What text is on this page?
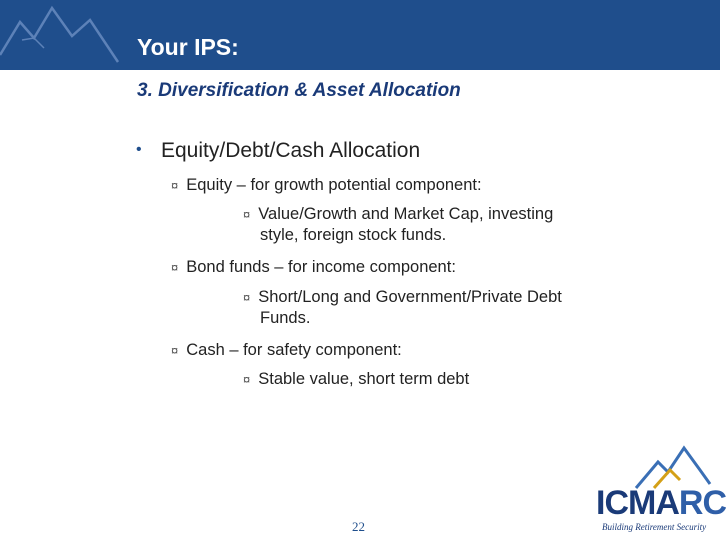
Your IPS:
3. Diversification & Asset Allocation
• Equity/Debt/Cash Allocation
¤ Equity – for growth potential component:
¤ Value/Growth and Market Cap, investing
style, foreign stock funds.
¤ Bond funds – for income component:
¤ Short/Long and Government/Private Debt
Funds.
¤ Cash – for safety component:
¤ Stable value, short term debt
22
ICMARC
Building Retirement Security
